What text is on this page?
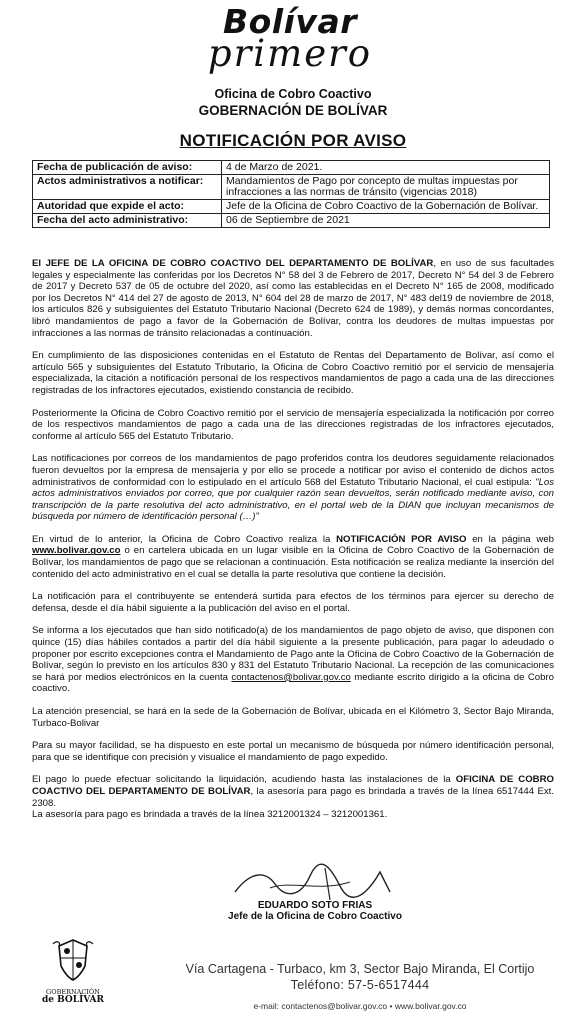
Bolívar
primero
Oficina de Cobro Coactivo
GOBERNACIÓN DE BOLÍVAR
NOTIFICACIÓN POR AVISO
Fecha de publicación de aviso:	4 de Marzo de 2021.
Actos administrativos a notificar:	Mandamientos de Pago por concepto de multas impuestas por infracciones a las normas de tránsito (vigencias 2018)
Autoridad que expide el acto:	Jefe de la Oficina de Cobro Coactivo de la Gobernación de Bolívar.
Fecha del acto administrativo:	06 de Septiembre de 2021

El JEFE DE LA OFICINA DE COBRO COACTIVO DEL DEPARTAMENTO DE BOLÍVAR, en uso de sus facultades legales y especialmente las conferidas por los Decretos N° 58 del 3 de Febrero de 2017, Decreto N° 54 del 3 de Febrero de 2017 y Decreto 537 de 05 de octubre del 2020, así como las establecidas en el Decreto N° 165 de 2008, modificado por los Decretos N° 414 del 27 de agosto de 2013, N° 604 del 28 de marzo de 2017, N° 483 del19 de noviembre de 2018, los artículos 826 y subsiguientes del Estatuto Tributario Nacional (Decreto 624 de 1989), y demás normas concordantes, libró mandamientos de pago a favor de la Gobernación de Bolívar, contra los deudores de multas impuestas por infracciones a las normas de tránsito relacionadas a continuación.

En cumplimiento de las disposiciones contenidas en el Estatuto de Rentas del Departamento de Bolívar, así como el artículo 565 y subsiguientes del Estatuto Tributario, la Oficina de Cobro Coactivo remitió por el servicio de mensajería especializada, la citación a notificación personal de los respectivos mandamientos de pago a cada una de las direcciones registradas de los infractores ejecutados, existiendo constancia de recibido.

Posteriormente la Oficina de Cobro Coactivo remitió por el servicio de mensajería especializada la notificación por correo de los respectivos mandamientos de pago a cada una de las direcciones registradas de los infractores ejecutados, conforme al artículo 565 del Estatuto Tributario.

Las notificaciones por correos de los mandamientos de pago proferidos contra los deudores seguidamente relacionados fueron devueltos por la empresa de mensajería y por ello se procede a notificar por aviso el contenido de dichos actos administrativos de conformidad con lo estipulado en el artículo 568 del Estatuto Tributario Nacional, el cual estipula: "Los actos administrativos enviados por correo, que por cualquier razón sean devueltos, serán notificado mediante aviso, con transcripción de la parte resolutiva del acto administrativo, en el portal web de la DIAN que incluyan mecanismos de búsqueda por número de identificación personal (…)"

En virtud de lo anterior, la Oficina de Cobro Coactivo realiza la NOTIFICACIÓN POR AVISO en la página web www.bolivar.gov.co o en cartelera ubicada en un lugar visible en la Oficina de Cobro Coactivo de la Gobernación de Bolívar, los mandamientos de pago que se relacionan a continuación. Esta notificación se realiza mediante la inserción del contenido del acto administrativo en el cual se detalla la parte resolutiva que contiene la decisión.

La notificación para el contribuyente se entenderá surtida para efectos de los términos para ejercer su derecho de defensa, desde el día hábil siguiente a la publicación del aviso en el portal.

Se informa a los ejecutados que han sido notificado(a) de los mandamientos de pago objeto de aviso, que disponen con quince (15) días hábiles contados a partir del día hábil siguiente a la presente publicación, para pagar lo adeudado o proponer por escrito excepciones contra el Mandamiento de Pago ante la Oficina de Cobro Coactivo de la Gobernación de Bolívar, según lo previsto en los artículos 830 y 831 del Estatuto Tributario Nacional. La recepción de las comunicaciones se hará por medios electrónicos en la cuenta contactenos@bolivar.gov.co mediante escrito dirigido a la oficina de Cobro coactivo.

La atención presencial, se hará en la sede de la Gobernación de Bolívar, ubicada en el Kilómetro 3, Sector Bajo Miranda, Turbaco-Bolivar

Para su mayor facilidad, se ha dispuesto en este portal un mecanismo de búsqueda por número identificación personal, para que se identifique con precisión y visualice el mandamiento de pago expedido.

El pago lo puede efectuar solicitando la liquidación, acudiendo hasta las instalaciones de la OFICINA DE COBRO COACTIVO DEL DEPARTAMENTO DE BOLÍVAR, la asesoría para pago es brindada a través de la línea 6517444 Ext. 2308.

La asesoría para pago es brindada a través de la línea 3212001324 – 3212001361.

EDUARDO SOTO FRIAS
Jefe de la Oficina de Cobro Coactivo
GOBERNACIÓN
de BOLÍVAR
Vía Cartagena - Turbaco, km 3, Sector Bajo Miranda, El Cortijo
Teléfono: 57-5-6517444
e-mail: contactenos@bolivar.gov.co • www.bolivar.gov.co
